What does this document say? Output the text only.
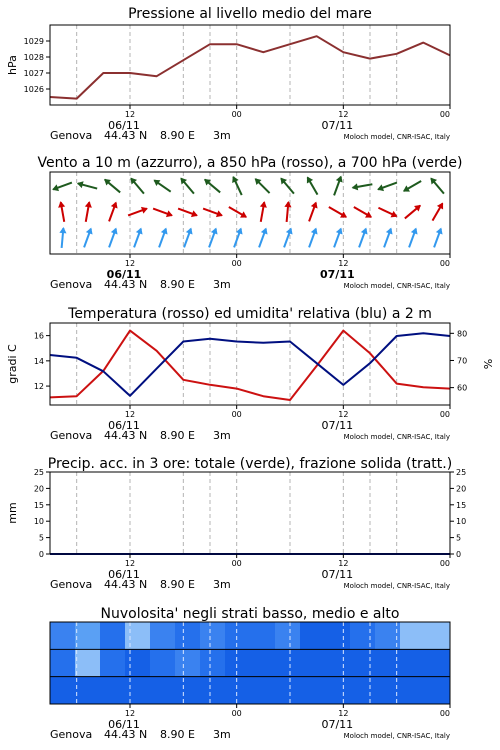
Pressione al livello medio del mare
1026
1027
1028
1029
hPa
12	00	12	00
06/11	07/11
Genova 44.43 N 8.90 E 3m	Moloch model, CNR-ISAC, Italy
Vento a 10 m (azzurro), a 850 hPa (rosso), a 700 hPa (verde)
12	00	12	00
06/11	07/11
Genova 44.43 N 8.90 E 3m	Moloch model, CNR-ISAC, Italy
Temperatura (rosso) ed umidita' relativa (blu) a 2 m
12
14
16
60
70
80
gradi C	%
12	00	12	00
06/11	07/11
Genova 44.43 N 8.90 E 3m	Moloch model, CNR-ISAC, Italy
Precip. acc. in 3 ore: totale (verde), frazione solida (tratt.)
0
5
10
15
20
25
0
5
10
15
20
25
mm
12	00	12	00
06/11	07/11
Genova 44.43 N 8.90 E 3m	Moloch model, CNR-ISAC, Italy
Nuvolosita' negli strati basso, medio e alto
12	00	12	00
06/11	07/11
Genova 44.43 N 8.90 E 3m	Moloch model, CNR-ISAC, Italy
